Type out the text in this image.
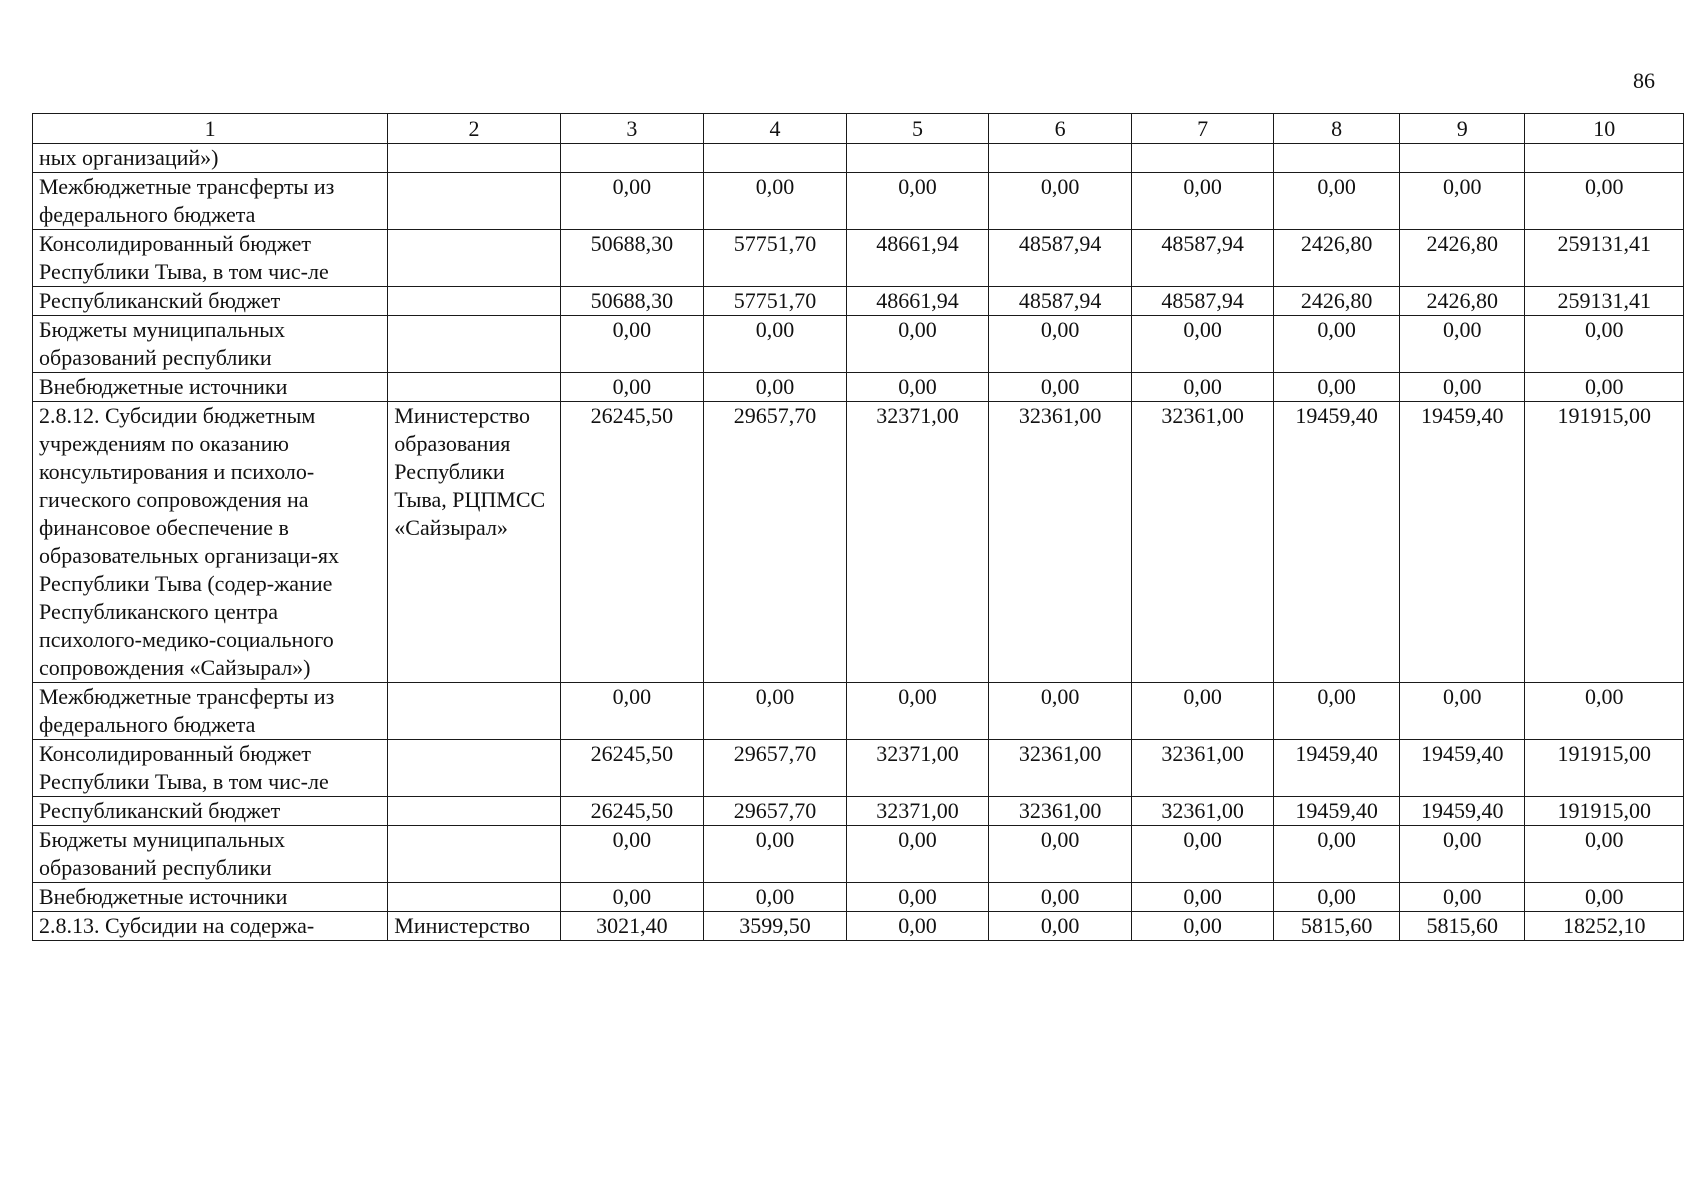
86
1	2	3	4	5	6	7	8	9	10
ных организаций»)									
Межбюджетные трансферты из федерального бюджета		0,00	0,00	0,00	0,00	0,00	0,00	0,00	0,00
Консолидированный бюджет Республики Тыва, в том чис-ле		50688,30	57751,70	48661,94	48587,94	48587,94	2426,80	2426,80	259131,41
Республиканский бюджет		50688,30	57751,70	48661,94	48587,94	48587,94	2426,80	2426,80	259131,41
Бюджеты муниципальных образований республики		0,00	0,00	0,00	0,00	0,00	0,00	0,00	0,00
Внебюджетные источники		0,00	0,00	0,00	0,00	0,00	0,00	0,00	0,00
2.8.12. Субсидии бюджетным учреждениям по оказанию консультирования и психоло-гического сопровождения на финансовое обеспечение в образовательных организаци-ях Республики Тыва (содер-жание Республиканского центра психолого-медико-социального сопровождения «Сайзырал»)	Министерство образования Республики Тыва, РЦПМСС «Сайзырал»	26245,50	29657,70	32371,00	32361,00	32361,00	19459,40	19459,40	191915,00
Межбюджетные трансферты из федерального бюджета		0,00	0,00	0,00	0,00	0,00	0,00	0,00	0,00
Консолидированный бюджет Республики Тыва, в том чис-ле		26245,50	29657,70	32371,00	32361,00	32361,00	19459,40	19459,40	191915,00
Республиканский бюджет		26245,50	29657,70	32371,00	32361,00	32361,00	19459,40	19459,40	191915,00
Бюджеты муниципальных образований республики		0,00	0,00	0,00	0,00	0,00	0,00	0,00	0,00
Внебюджетные источники		0,00	0,00	0,00	0,00	0,00	0,00	0,00	0,00
2.8.13. Субсидии на содержа-	Министерство	3021,40	3599,50	0,00	0,00	0,00	5815,60	5815,60	18252,10
